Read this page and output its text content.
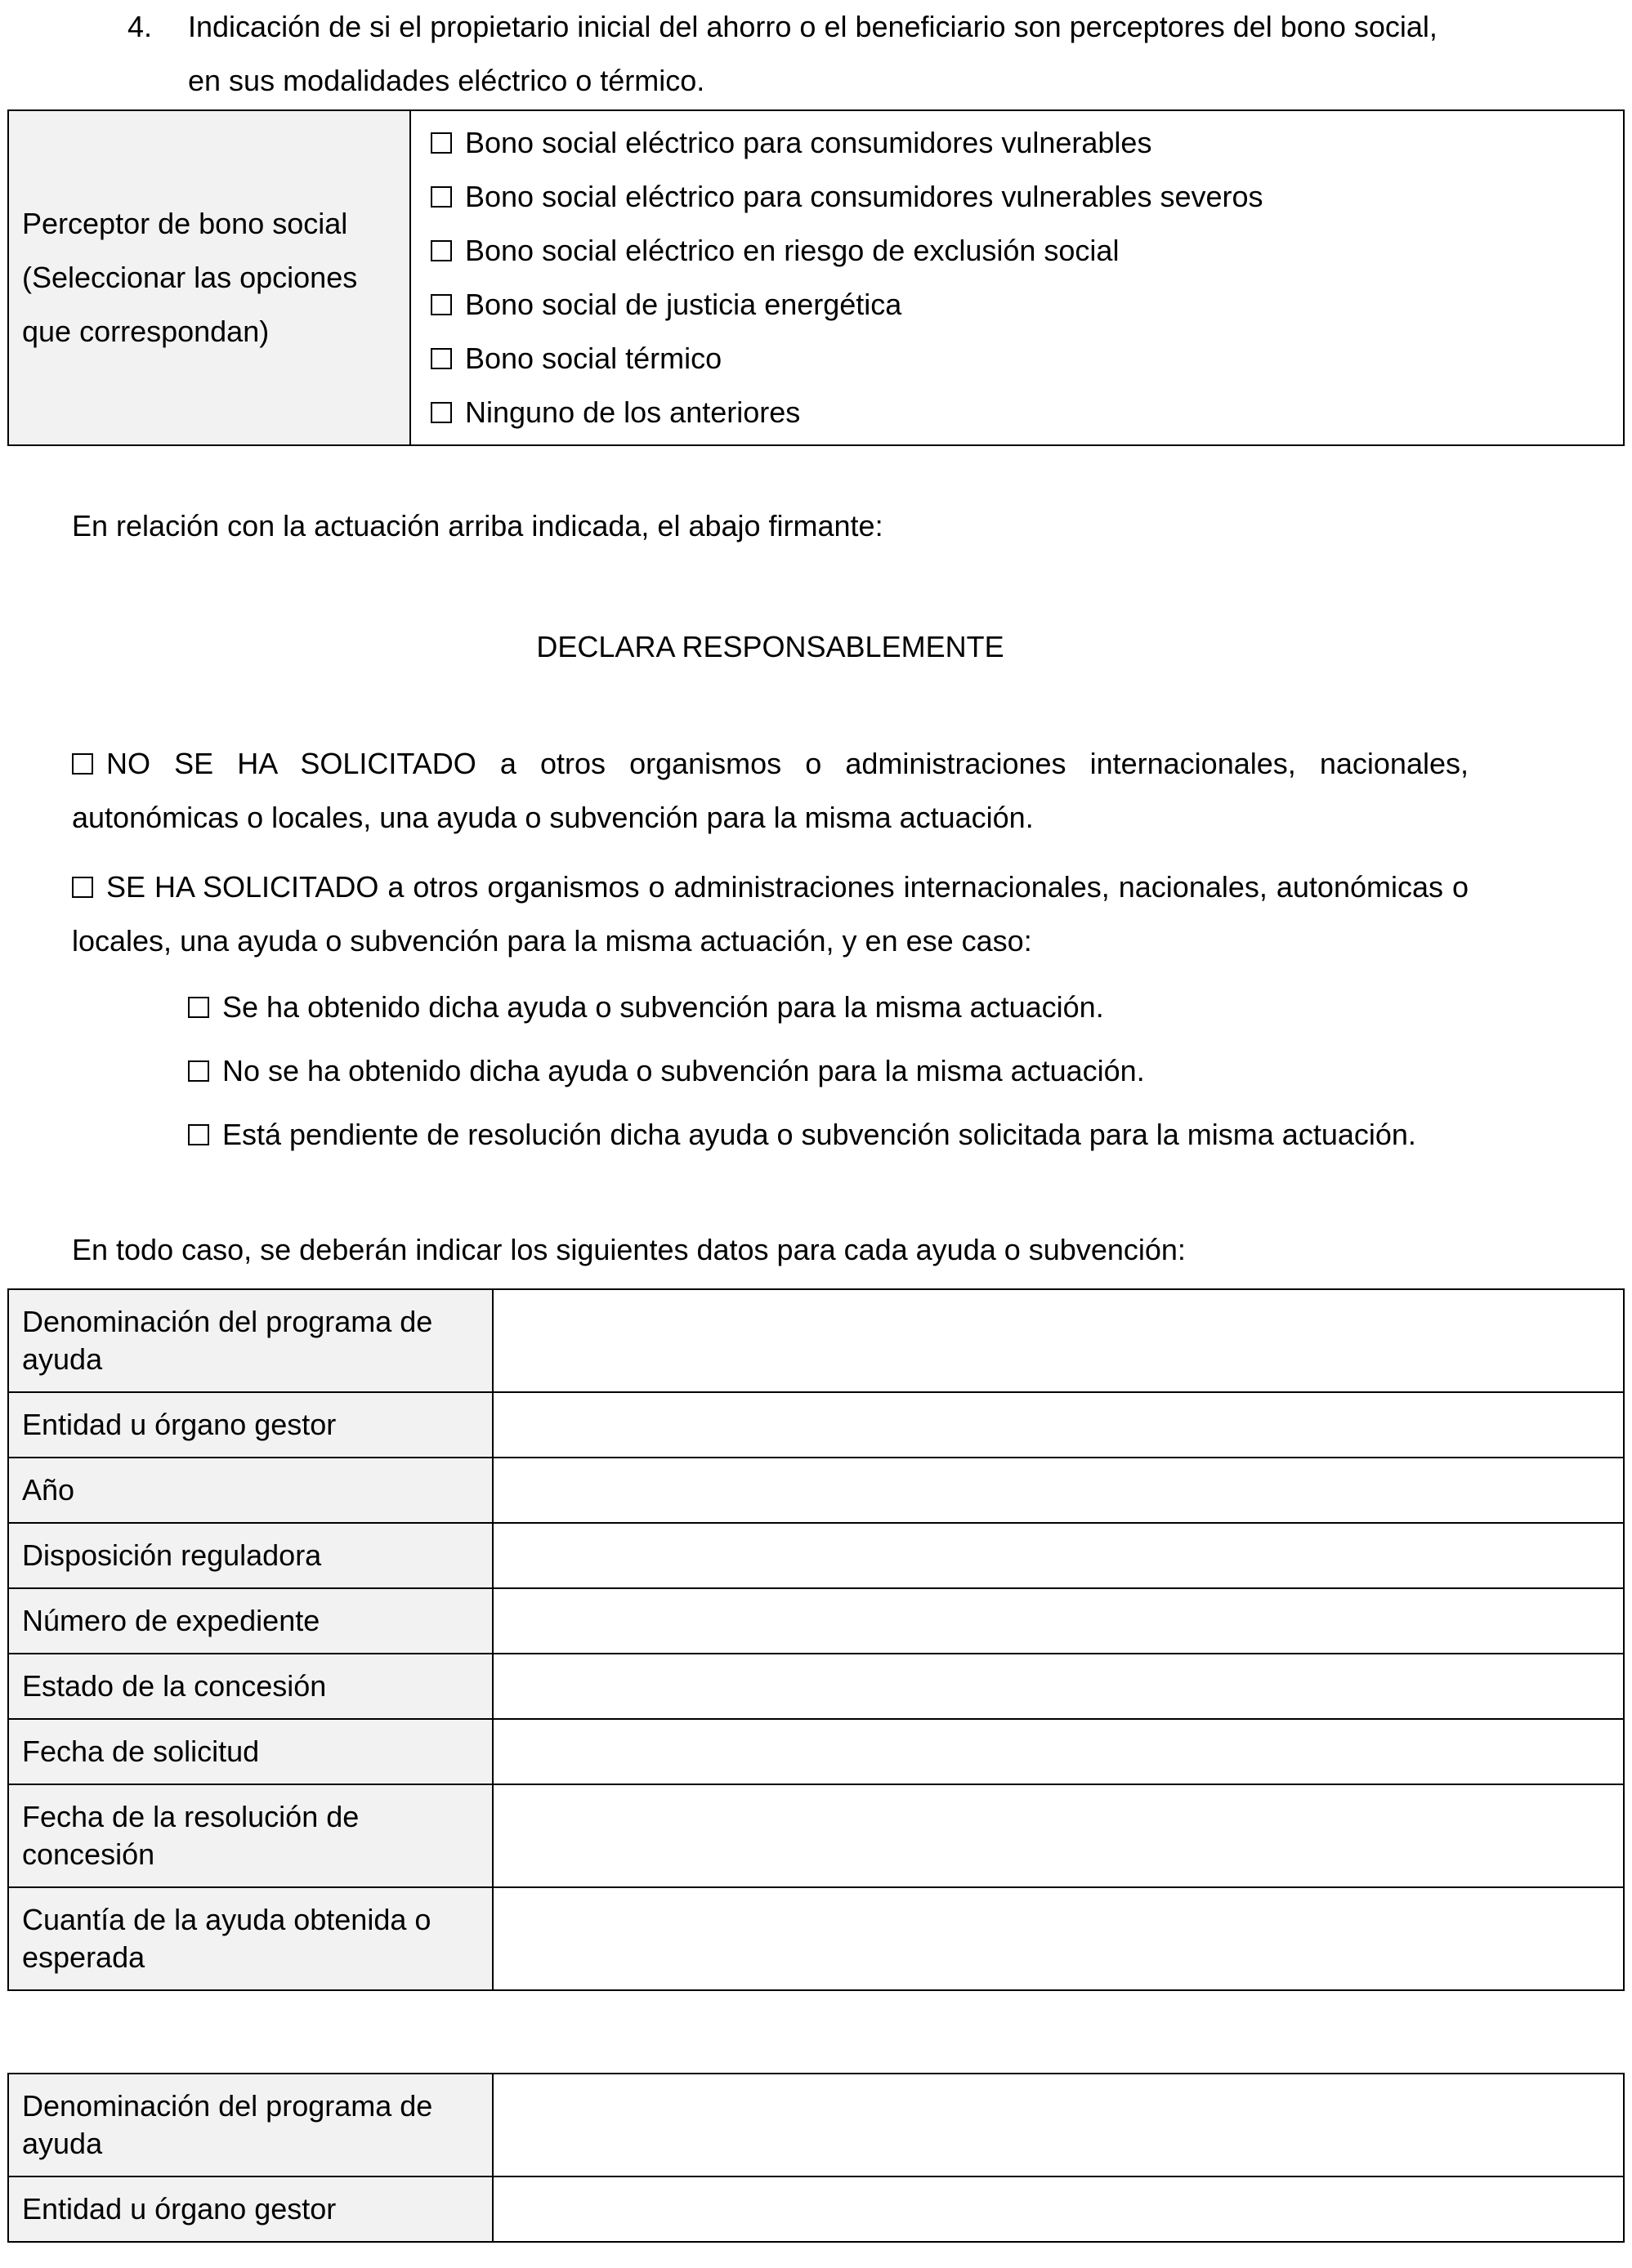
4. Indicación de si el propietario inicial del ahorro o el beneficiario son perceptores del bono social, en sus modalidades eléctrico o térmico.
Perceptor de bono social
(Seleccionar las opciones que correspondan)

Bono social eléctrico para consumidores vulnerables
Bono social eléctrico para consumidores vulnerables severos
Bono social eléctrico en riesgo de exclusión social
Bono social de justicia energética
Bono social térmico
Ninguno de los anteriores

En relación con la actuación arriba indicada, el abajo firmante:

DECLARA RESPONSABLEMENTE

NO SE HA SOLICITADO a otros organismos o administraciones internacionales, nacionales, autonómicas o locales, una ayuda o subvención para la misma actuación.

SE HA SOLICITADO a otros organismos o administraciones internacionales, nacionales, autonómicas o locales, una ayuda o subvención para la misma actuación, y en ese caso:

Se ha obtenido dicha ayuda o subvención para la misma actuación.

No se ha obtenido dicha ayuda o subvención para la misma actuación.

Está pendiente de resolución dicha ayuda o subvención solicitada para la misma actuación.

En todo caso, se deberán indicar los siguientes datos para cada ayuda o subvención:

Denominación del programa de ayuda	
Entidad u órgano gestor	
Año	
Disposición reguladora	
Número de expediente	
Estado de la concesión	
Fecha de solicitud	
Fecha de la resolución de concesión	
Cuantía de la ayuda obtenida o esperada	
Denominación del programa de ayuda	
Entidad u órgano gestor	
